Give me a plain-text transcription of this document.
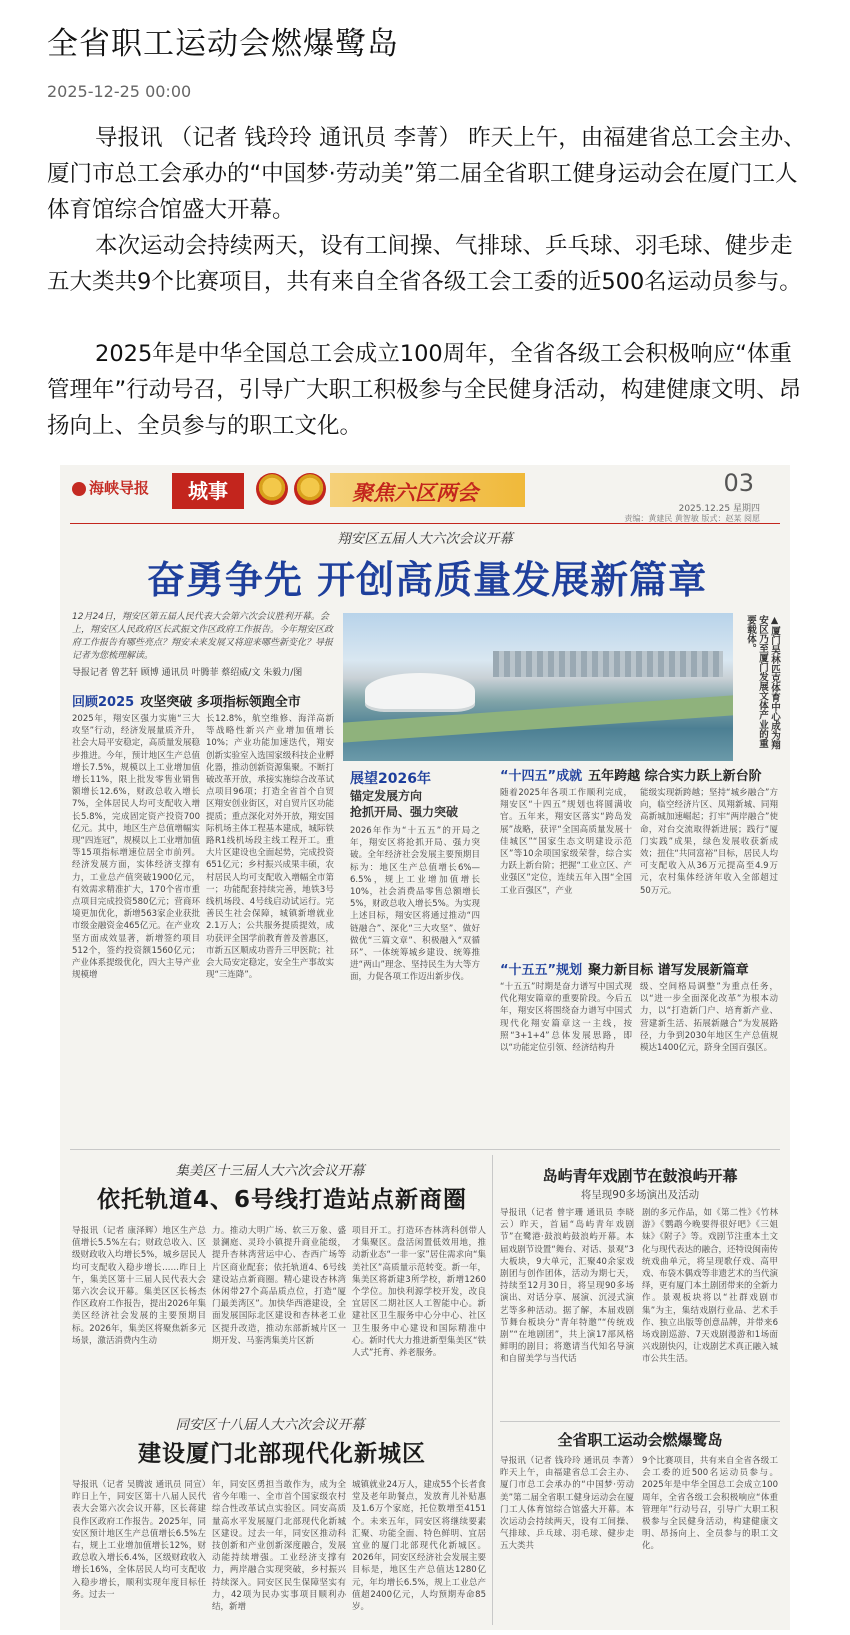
全省职工运动会燃爆鹭岛
2025-12-25 00:00
导报讯 （记者 钱玲玲 通讯员 李菁） 昨天上午，由福建省总工会主办、厦门市总工会承办的“中国梦·劳动美”第二届全省职工健身运动会在厦门工人体育馆综合馆盛大开幕。
本次运动会持续两天，设有工间操、气排球、乒乓球、羽毛球、健步走五大类共9个比赛项目，共有来自全省各级工会工委的近500名运动员参与。
2025年是中华全国总工会成立100周年，全省各级工会积极响应“体重管理年”行动号召，引导广大职工积极参与全民健身活动，构建健康文明、昂扬向上、全员参与的职工文化。
海峡导报	城事	聚焦六区两会	03
2025.12.25 星期四
责编：黄建民 黄智敏 版式：赵某 阅愿
翔安区五届人大六次会议开幕
奋勇争先 开创高质量发展新篇章
12月24日，翔安区第五届人民代表大会第六次会议胜利开幕。会上，翔安区人民政府区长武振文作区政府工作报告。今年翔安区政府工作报告有哪些亮点？翔安未来发展又将迎来哪些新变化？导报记者为您梳理解读。
导报记者 曾艺轩 顾博 通讯员 叶腾菲 蔡绍威/文 朱毅力/图
回顾2025 攻坚突破 多项指标领跑全市
2025年，翔安区强力实施“三大攻坚”行动，经济发展量质齐升，社会大局平安稳定，高质量发展稳步推进。今年，预计地区生产总值增长7.5%，规模以上工业增加值增长11%，限上批发零售业销售额增长12.6%，财政总收入增长7%，全体居民人均可支配收入增长5.8%，完成固定资产投资700亿元。其中，地区生产总值增幅实现“四连冠”，规模以上工业增加值等15项指标增速位居全市前列。经济发展方面，实体经济支撑有力，工业总产值突破1900亿元，有效需求精准扩大，170个省市重点项目完成投资580亿元；营商环境更加优化，新增563家企业获批市级金融资金465亿元。在产业攻坚方面成效显著，新增签约项目512个，签约投资额1560亿元；产业体系提级优化，四大主导产业规模增
长12.8%，航空维修、海洋高新等战略性新兴产业增加值增长10%；产业功能加速迭代，翔安创新实验室入选国家级科技企业孵化器，推动创新资源集聚。不断打破改革开放，承接实施综合改革试点项目96项；打造全省首个自贸区翔安创业街区，对自贸片区功能提质；重点深化对外开放，翔安国际机场主体工程基本建成，城际铁路R1线机场段主线工程开工。重大片区建设也全面起势，完成投资651亿元；乡村振兴成果丰硕，农村居民人均可支配收入增幅全市第一；功能配套持续完善，地铁3号线机场段、4号线启动试运行。完善民生社会保障，城镇新增就业2.1万人；公共服务提质提效，成功获评全国学前教育普及普惠区，市新五区顺成功晋升三甲医院；社会大局安定稳定，安全生产事故实现“三连降”。
▲厦门吴林匹克体育中心成为翔安区乃至厦门发展文体产业的重要载体。
展望2026年
锚定发展方向
抢抓开局、强力突破
2026年作为“十五五”的开局之年，翔安区将抢抓开局、强力突破。全年经济社会发展主要预期目标为：地区生产总值增长6%—6.5%，规上工业增加值增长10%，社会消费品零售总额增长5%，财政总收入增长5%。为实现上述目标，翔安区将通过推动“四链融合”、深化“三大攻坚”、做好做优“三篇文章”、积极融入“双循环”、一体统筹城乡建设、统筹推进“两山”理念、坚持民生为大等方面，力促各项工作迈出新步伐。
“十四五”成就 五年跨越 综合实力跃上新台阶
随着2025年各项工作顺利完成，翔安区“十四五”规划也将圆满收官。五年来，翔安区落实“跨岛发展”战略，获评“全国高质量发展十佳城区”“国家生态文明建设示范区”等10余项国家级荣誉，综合实力跃上新台阶；把握“工业立区、产业强区”定位，连续五年入围“全国工业百强区”，产业
能级实现新跨越；坚持“城乡融合”方向，临空经济片区、凤翔新城、同翔高新城加速崛起；打牢“两岸融合”使命，对台交流取得新进展；践行“厦门实践”成果，绿色发展收获新成效；扭住“共同富裕”目标，居民人均可支配收入从36万元提高至4.9万元，农村集体经济年收入全部超过50万元。
“十五五”规划 聚力新目标 谱写发展新篇章
“十五五”时期是奋力谱写中国式现代化翔安篇章的重要阶段。今后五年，翔安区将围绕奋力谱写中国式现代化翔安篇章这一主线，按照“3+1+4”总体发展思路，即以“功能定位引领、经济结构升
级、空间格局调整”为重点任务，以“进一步全面深化改革”为根本动力，以“打造新门户、培育新产业、营建新生活、拓展新融合”为发展路径，力争到2030年地区生产总值规模达1400亿元，跻身全国百强区。
集美区十三届人大六次会议开幕
依托轨道4、6号线打造站点新商圈
导报讯（记者 康泽辉）地区生产总值增长5.5%左右；财政总收入、区级财政收入均增长5%，城乡居民人均可支配收入稳步增长……昨日上午，集美区第十三届人民代表大会第六次会议开幕。集美区区长杨杰作区政府工作报告，提出2026年集美区经济社会发展的主要预期目标。2026年，集美区将聚焦新多元场景，激活消费内生动
力。推动大明广场、软三万象、盛景澜庭、灵玲小镇提升商业能级，提升杏林湾营运中心、杏西广场等片区商业配套；依托轨道4、6号线建设站点新商圈。精心建设杏林湾休闲带27个高品质点位，打造“厦门最美湾区”。加快华西港建设，全面发展国际北区建设和杏林老工业区提升改造，推动东部新城片区一期开发、马銮湾集美片区新
项目开工。打造环杏林湾科创带人才集聚区。盘活闲置低效用地，推动新业态“一非一家”居住需求向“集美社区”高质量示范转变。新一年，集美区将新建3所学校，新增1260个学位。加快利源学校开发，改良宜居区二期社区人工智能中心。新建社区卫生服务中心分中心、社区卫生服务中心建设和国际精准中心。新时代大力推进新型集美区“铁人式”托育、养老服务。
同安区十八届人大六次会议开幕
建设厦门北部现代化新城区
导报讯（记者 吴腾波 通讯员 同宣）昨日上午，同安区第十八届人民代表大会第六次会议开幕，区长蒋建良作区政府工作报告。2025年，同安区预计地区生产总值增长6.5%左右，规上工业增加值增长12%，财政总收入增长6.4%，区级财政收入增长16%，全体居民人均可支配收入稳步增长，顺利实现年度目标任务。过去一
年，同安区勇担当敢作为，成为全省今年唯一、全市首个国家级农村综合性改革试点实验区。同安高质量高水平发展厦门北部现代化新城区建设。过去一年，同安区推动科技创新和产业创新深度融合，发展动能持续增强。工业经济支撑有力，两岸融合实现突破，乡村振兴持续深入。同安区民生保障坚实有力，42项为民办实事项目顺利办结，新增
城镇就业24万人，建成55个长者食堂及老年助餐点，发放育儿补贴惠及1.6万个家庭，托位数增至4151个。未来五年，同安区将继续要素汇聚、功能全面、特色鲜明、宜居宜业的厦门北部现代化新城区。2026年，同安区经济社会发展主要目标是，地区生产总值达1280亿元，年均增长6.5%，规上工业总产值超2400亿元，人均预期寿命85岁。
岛屿青年戏剧节在鼓浪屿开幕
将呈现90多场演出及活动
导报讯（记者 曾宇珊 通讯员 李晓云）昨天，首届“岛屿青年戏剧节”在鹭港·鼓浪屿鼓浪屿开幕。本届戏剧节设置“舞台、对话、景观”3大板块，9大单元，汇聚40余家戏剧团与创作团体，活动为期七天，持续至12月30日，将呈现90多场演出、对话分享、展演、沉浸式演艺等多种活动。据了解，本届戏剧节舞台板块分“青年特邀”“传统戏剧”“在地剧团”，共上演17部风格鲜明的剧目；将邀请当代知名导演和自留美学与当代话
剧的多元作品，如《第二性》《竹林游》《鹦鹉今晚要得很好吧》《三姐妹》《附子》等。戏剧节注重本土文化与现代表达的融合，还特设闽南传统戏曲单元，将呈现歌仔戏、高甲戏、布袋木偶戏等非遗艺术的当代演绎，更有厦门本土剧团带来的全新力作。景观板块将以“社群戏剧市集”为主，集结戏剧行业品、艺术手作、独立出版等创意品牌，并带来6场戏剧巡游、7天戏剧漫游和1场面兴戏剧快闪，让戏剧艺术真正融入城市公共生活。
全省职工运动会燃爆鹭岛
导报讯（记者 钱玲玲 通讯员 李菁）昨天上午，由福建省总工会主办、厦门市总工会承办的“中国梦·劳动美”第二届全省职工健身运动会在厦门工人体育馆综合馆盛大开幕。本次运动会持续两天，设有工间操、气排球、乒乓球、羽毛球、健步走五大类共
9个比赛项目，共有来自全省各级工会工委的近500名运动员参与。2025年是中华全国总工会成立100周年，全省各级工会积极响应“体重管理年”行动号召，引导广大职工积极参与全民健身活动，构建健康文明、昂扬向上、全员参与的职工文化。
